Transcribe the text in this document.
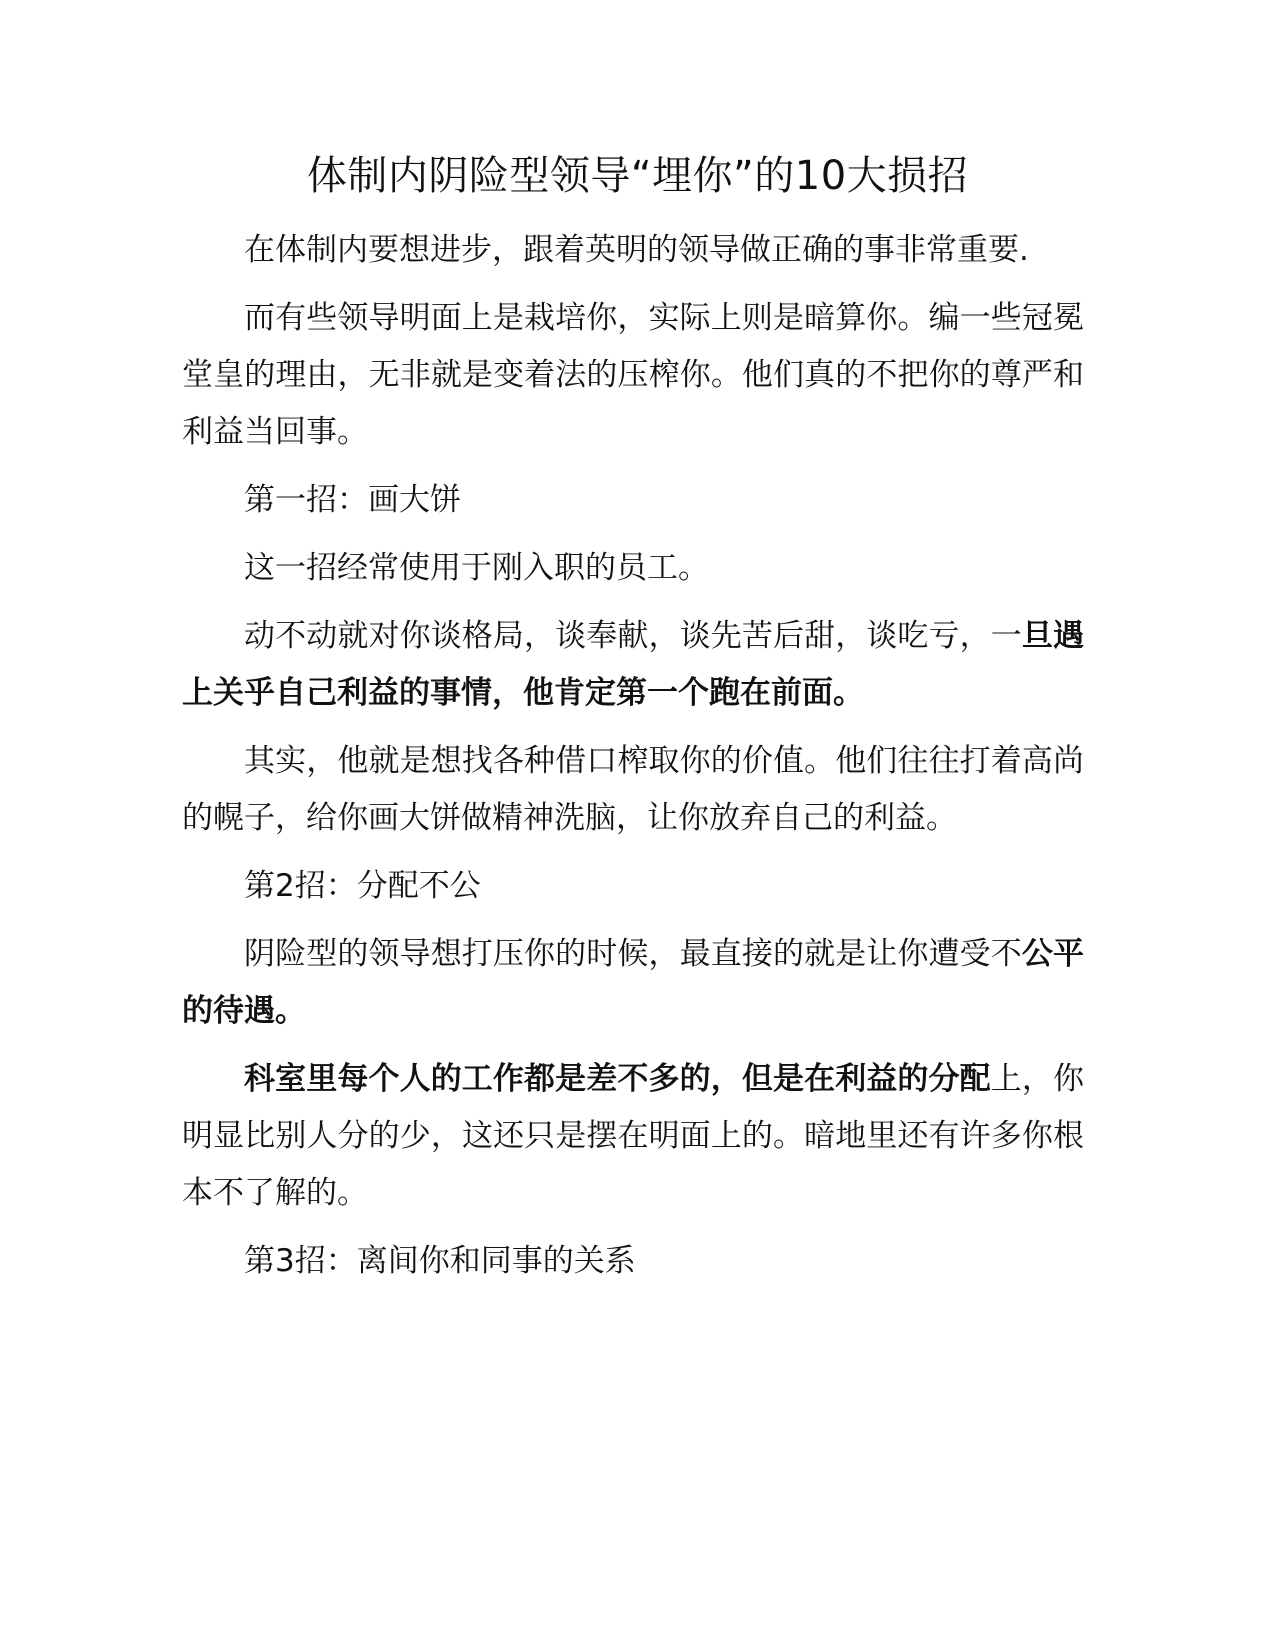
体制内阴险型领导“埋你”的10大损招

在体制内要想进步，跟着英明的领导做正确的事非常重要.

而有些领导明面上是栽培你，实际上则是暗算你。编一些冠冕堂皇的理由，无非就是变着法的压榨你。他们真的不把你的尊严和利益当回事。

第一招：画大饼

这一招经常使用于刚入职的员工。

动不动就对你谈格局，谈奉献，谈先苦后甜，谈吃亏，一旦遇上关乎自己利益的事情，他肯定第一个跑在前面。

其实，他就是想找各种借口榨取你的价值。他们往往打着高尚的幌子，给你画大饼做精神洗脑，让你放弃自己的利益。

第2招：分配不公

阴险型的领导想打压你的时候，最直接的就是让你遭受不公平的待遇。

科室里每个人的工作都是差不多的，但是在利益的分配上，你明显比别人分的少，这还只是摆在明面上的。暗地里还有许多你根本不了解的。

第3招：离间你和同事的关系
